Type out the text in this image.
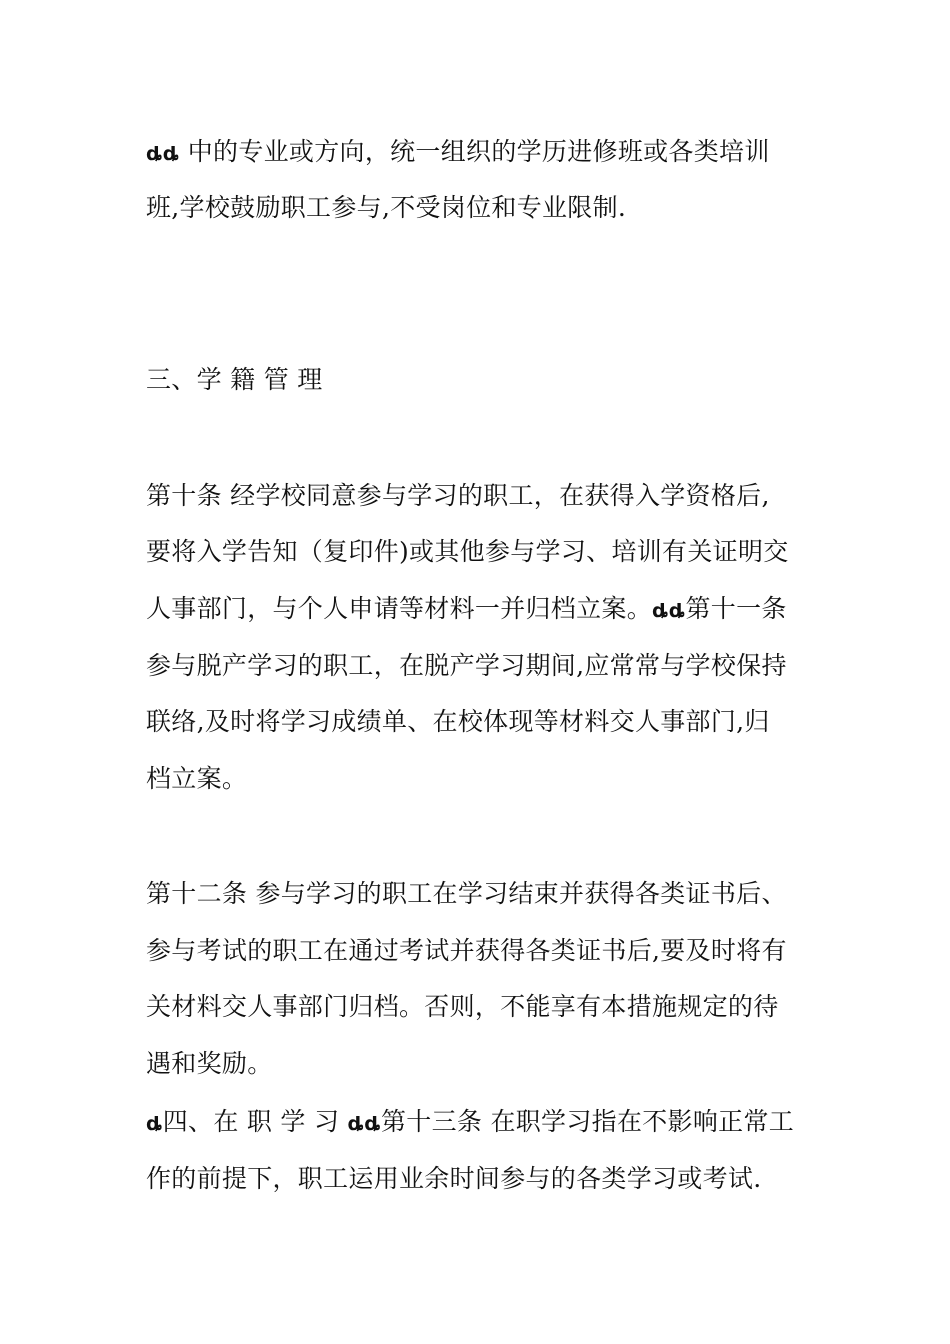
ȡȡ 中的专业或方向，统一组织的学历进修班或各类培训
班,学校鼓励职工参与,不受岗位和专业限制.
三、学 籍 管 理
第十条 经学校同意参与学习的职工，在获得入学资格后,
要将入学告知（复印件)或其他参与学习、培训有关证明交
人事部门，与个人申请等材料一并归档立案。ȡȡ第十一条
参与脱产学习的职工，在脱产学习期间,应常常与学校保持
联络,及时将学习成绩单、在校体现等材料交人事部门,归
档立案。
第十二条 参与学习的职工在学习结束并获得各类证书后、
参与考试的职工在通过考试并获得各类证书后,要及时将有
关材料交人事部门归档。否则，不能享有本措施规定的待
遇和奖励。
ȡ四、在 职 学 习 ȡȡ第十三条 在职学习指在不影响正常工
作的前提下，职工运用业余时间参与的各类学习或考试.
